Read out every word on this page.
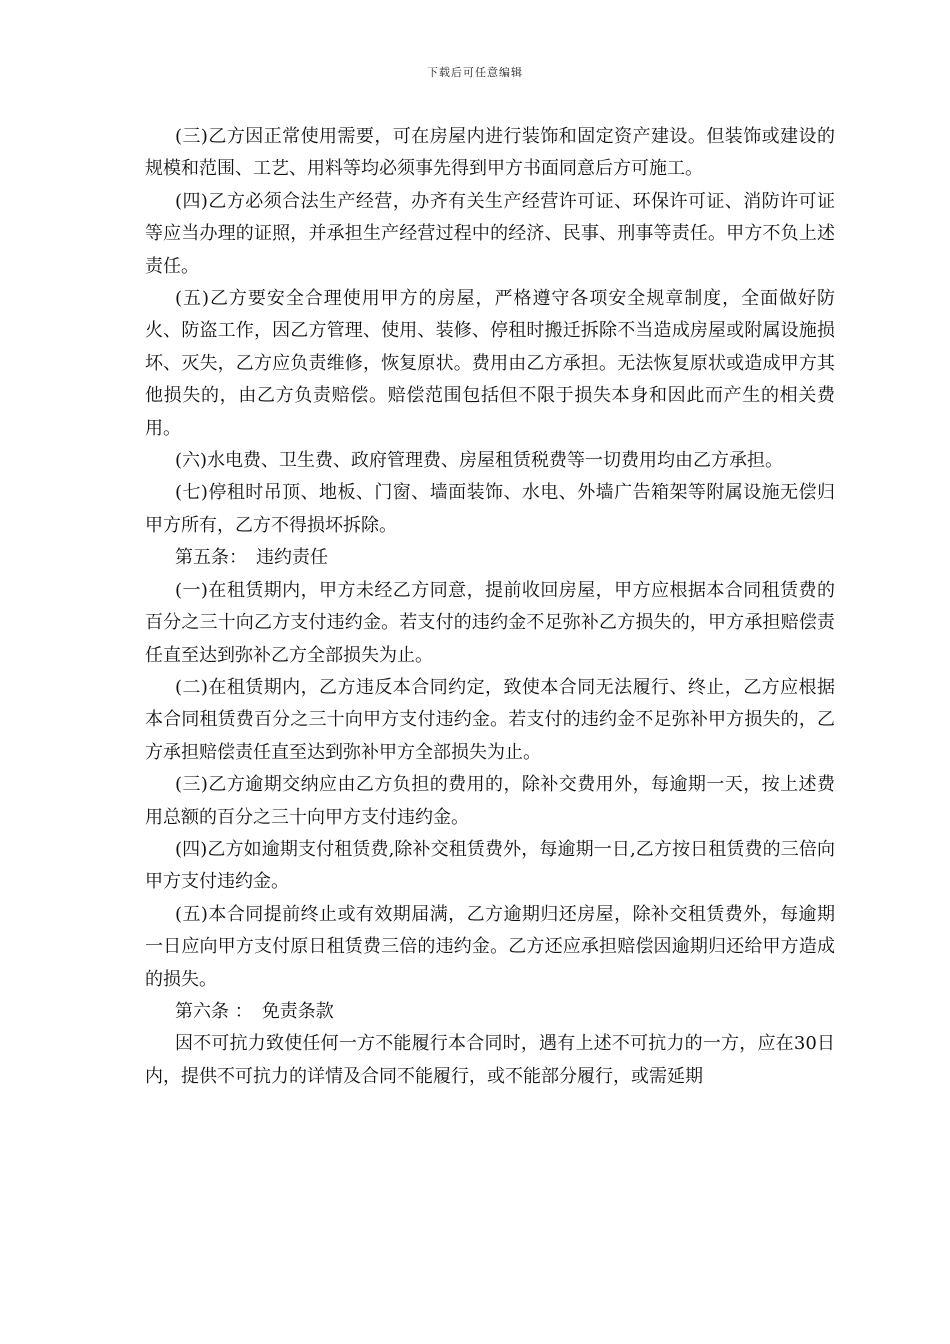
下载后可任意编辑

(三)乙方因正常使用需要，可在房屋内进行装饰和固定资产建设。但装饰或建设的规模和范围、工艺、用料等均必须事先得到甲方书面同意后方可施工。

(四)乙方必须合法生产经营，办齐有关生产经营许可证、环保许可证、消防许可证等应当办理的证照，并承担生产经营过程中的经济、民事、刑事等责任。甲方不负上述责任。

(五)乙方要安全合理使用甲方的房屋，严格遵守各项安全规章制度，全面做好防火、防盗工作，因乙方管理、使用、装修、停租时搬迁拆除不当造成房屋或附属设施损坏、灭失，乙方应负责维修，恢复原状。费用由乙方承担。无法恢复原状或造成甲方其他损失的，由乙方负责赔偿。赔偿范围包括但不限于损失本身和因此而产生的相关费用。

(六)水电费、卫生费、政府管理费、房屋租赁税费等一切费用均由乙方承担。

(七)停租时吊顶、地板、门窗、墙面装饰、水电、外墙广告箱架等附属设施无偿归甲方所有，乙方不得损坏拆除。

第五条：　违约责任

(一)在租赁期内，甲方未经乙方同意，提前收回房屋，甲方应根据本合同租赁费的百分之三十向乙方支付违约金。若支付的违约金不足弥补乙方损失的，甲方承担赔偿责任直至达到弥补乙方全部损失为止。

(二)在租赁期内，乙方违反本合同约定，致使本合同无法履行、终止，乙方应根据本合同租赁费百分之三十向甲方支付违约金。若支付的违约金不足弥补甲方损失的，乙方承担赔偿责任直至达到弥补甲方全部损失为止。

(三)乙方逾期交纳应由乙方负担的费用的，除补交费用外，每逾期一天，按上述费用总额的百分之三十向甲方支付违约金。

(四)乙方如逾期支付租赁费,除补交租赁费外，每逾期一日,乙方按日租赁费的三倍向甲方支付违约金。

(五)本合同提前终止或有效期届满，乙方逾期归还房屋，除补交租赁费外，每逾期一日应向甲方支付原日租赁费三倍的违约金。乙方还应承担赔偿因逾期归还给甲方造成的损失。

第六条 ：　免责条款

因不可抗力致使任何一方不能履行本合同时，遇有上述不可抗力的一方，应在30日内，提供不可抗力的详情及合同不能履行，或不能部分履行，或需延期
